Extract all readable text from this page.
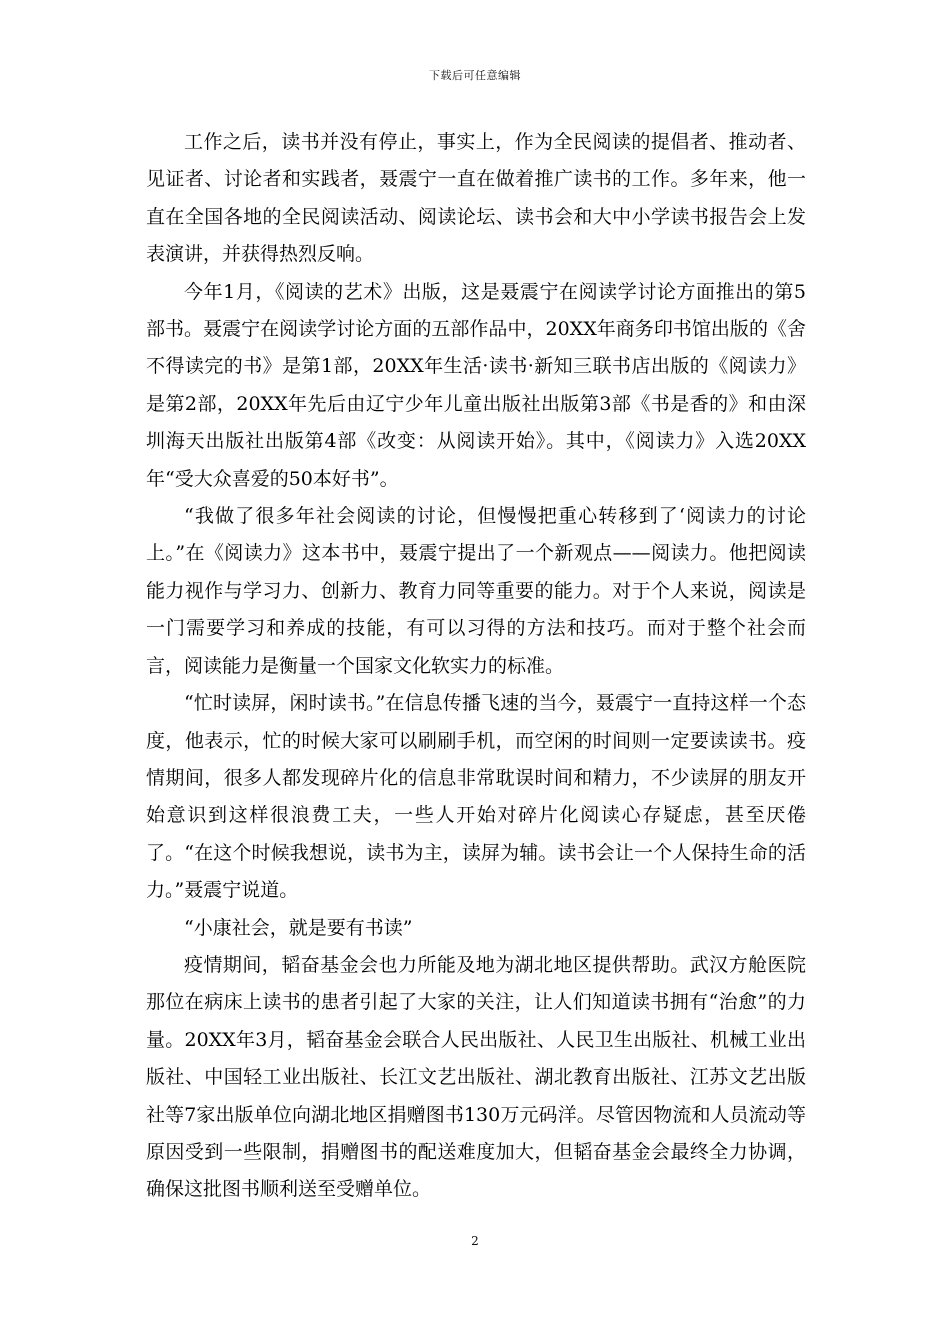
下载后可任意编辑

工作之后，读书并没有停止，事实上，作为全民阅读的提倡者、推动者、见证者、讨论者和实践者，聂震宁一直在做着推广读书的工作。多年来，他一直在全国各地的全民阅读活动、阅读论坛、读书会和大中小学读书报告会上发表演讲，并获得热烈反响。

今年1月，《阅读的艺术》出版，这是聂震宁在阅读学讨论方面推出的第5部书。聂震宁在阅读学讨论方面的五部作品中，20XX年商务印书馆出版的《舍不得读完的书》是第1部，20XX年生活·读书·新知三联书店出版的《阅读力》是第2部，20XX年先后由辽宁少年儿童出版社出版第3部《书是香的》和由深圳海天出版社出版第4部《改变：从阅读开始》。其中，《阅读力》入选20XX年“受大众喜爱的50本好书”。

“我做了很多年社会阅读的讨论，但慢慢把重心转移到了‘阅读力的讨论上。”在《阅读力》这本书中，聂震宁提出了一个新观点——阅读力。他把阅读能力视作与学习力、创新力、教育力同等重要的能力。对于个人来说，阅读是一门需要学习和养成的技能，有可以习得的方法和技巧。而对于整个社会而言，阅读能力是衡量一个国家文化软实力的标准。

“忙时读屏，闲时读书。”在信息传播飞速的当今，聂震宁一直持这样一个态度，他表示，忙的时候大家可以刷刷手机，而空闲的时间则一定要读读书。疫情期间，很多人都发现碎片化的信息非常耽误时间和精力，不少读屏的朋友开始意识到这样很浪费工夫，一些人开始对碎片化阅读心存疑虑，甚至厌倦了。“在这个时候我想说，读书为主，读屏为辅。读书会让一个人保持生命的活力。”聂震宁说道。

“小康社会，就是要有书读”

疫情期间，韬奋基金会也力所能及地为湖北地区提供帮助。武汉方舱医院那位在病床上读书的患者引起了大家的关注，让人们知道读书拥有“治愈”的力量。20XX年3月，韬奋基金会联合人民出版社、人民卫生出版社、机械工业出版社、中国轻工业出版社、长江文艺出版社、湖北教育出版社、江苏文艺出版社等7家出版单位向湖北地区捐赠图书130万元码洋。尽管因物流和人员流动等原因受到一些限制，捐赠图书的配送难度加大，但韬奋基金会最终全力协调，确保这批图书顺利送至受赠单位。

2
